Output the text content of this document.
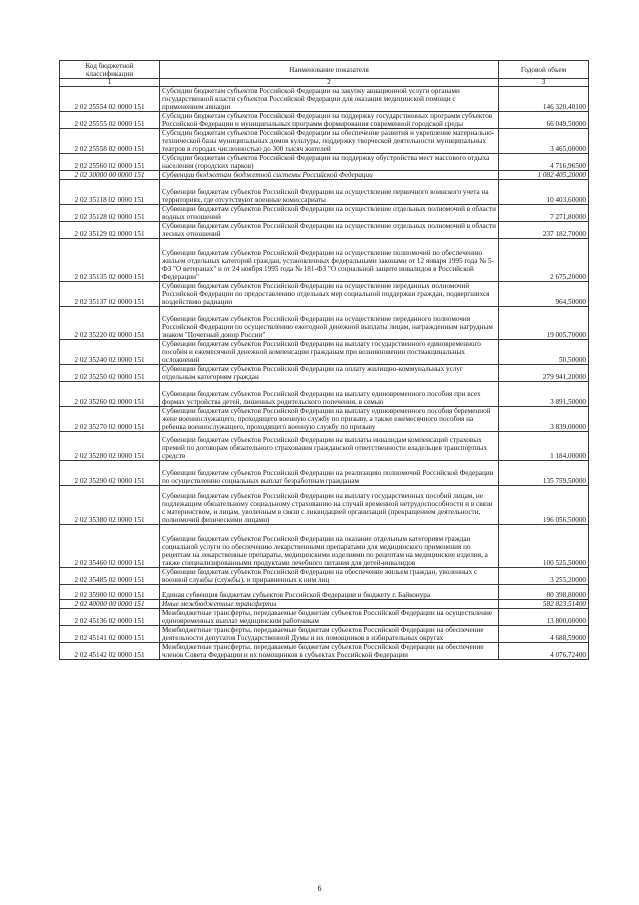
Код бюджетной классификации	Наименование показателя	Годовой объем
1	2	3
2 02 25554 02 0000 151	Субсидии бюджетам субъектов Российской Федерации на закупку авиационной услуги органами государственной власти субъектов Российской Федерации для оказания медицинской помощи с применением авиации	146 320,40100
2 02 25555 02 0000 151	Субсидии бюджетам субъектов Российской Федерации на поддержку государственных программ субъектов Российской Федерации и муниципальных программ формирования современной городской среды	66 049,50000
2 02 25558 02 0000 151	Субсидии бюджетам субъектов Российской Федерации на обеспечение развития и укрепление материально-технической базы муниципальных домов культуры, поддержку творческой деятельности муниципальных театров в городах численностью до 300 тысяч жителей	3 465,00000
2 02 25560 02 0000 151	Субсидии бюджетам субъектов Российской Федерации на поддержку обустройства мест массового отдыха населения (городских парков)	4 716,96500
2 02 30000 00 0000 151	Субвенции бюджетам бюджетной системы Российской Федерации	1 082 405,20000
2 02 35118 02 0000 151	Субвенции бюджетам субъектов Российской Федерации на осуществление первичного воинского учета на территориях, где отсутствуют военные комиссариаты	10 403,60000
2 02 35128 02 0000 151	Субвенции бюджетам субъектов Российской Федерации на осуществление отдельных полномочий в области водных отношений	7 271,80000
2 02 35129 02 0000 151	Субвенции бюджетам субъектов Российской Федерации на осуществление отдельных полномочий в области лесных отношений	237 182,70000
2 02 35135 02 0000 151	Субвенции бюджетам субъектов Российской Федерации на осуществление полномочий по обеспечению жильем отдельных категорий граждан, установленных федеральными законами от 12 января 1995 года № 5-ФЗ "О ветеранах" и от 24 ноября 1995 года № 181-ФЗ "О социальной защите инвалидов в Российской Федерации"	2 675,20000
2 02 35137 02 0000 151	Субвенции бюджетам субъектов Российской Федерации на осуществление переданных полномочий Российской Федерации по предоставлению отдельных мер социальной поддержки граждан, подвергшихся воздействию радиации	964,50000
2 02 35220 02 0000 151	Субвенции бюджетам субъектов Российской Федерации на осуществление переданного полномочия Российской Федерации по осуществлению ежегодной денежной выплаты лицам, награжденным нагрудным знаком "Почетный донор России"	19 005,70000
2 02 35240 02 0000 151	Субвенции бюджетам субъектов Российской Федерации на выплату государственного единовременного пособия и ежемесячной денежной компенсации гражданам при возникновении поствакцинальных осложнений	50,50000
2 02 35250 02 0000 151	Субвенции бюджетам субъектов Российской Федерации на оплату жилищно-коммунальных услуг отдельным категориям граждан	279 941,20000
2 02 35260 02 0000 151	Субвенции бюджетам субъектов Российской Федерации на выплату единовременного пособия при всех формах устройства детей, лишенных родительского попечения, в семью	3 891,50000
2 02 35270 02 0000 151	Субвенции бюджетам субъектов Российской Федерации на выплату единовременного пособия беременной жене военнослужащего, проходящего военную службу по призыву, а также ежемесячного пособия на ребенка военнослужащего, проходящего военную службу по призыву	3 839,00000
2 02 35280 02 0000 151	Субвенции бюджетам субъектов Российской Федерации на выплаты инвалидам компенсаций страховых премий по договорам обязательного страхования гражданской ответственности владельцев транспортных средств	1 184,00000
2 02 35290 02 0000 151	Субвенции бюджетам субъектов Российской Федерации на реализацию полномочий Российской Федерации по осуществлению социальных выплат безработным гражданам	135 759,50000
2 02 35380 02 0000 151	Субвенции бюджетам субъектов Российской Федерации на выплату государственных пособий лицам, не подлежащим обязательному социальному страхованию на случай временной нетрудоспособности и в связи с материнством, и лицам, уволенным в связи с ликвидацией организаций (прекращением деятельности, полномочий физическими лицами)	196 056,50000
2 02 35460 02 0000 151	Субвенции бюджетам субъектов Российской Федерации на оказание отдельным категориям граждан социальной услуги по обеспечению лекарственными препаратами для медицинского применения по рецептам на лекарственные препараты, медицинскими изделиями по рецептам на медицинские изделия, а также специализированными продуктами лечебного питания для детей-инвалидов	100 525,50000
2 02 35485 02 0000 151	Субвенции бюджетам субъектов Российской Федерации на обеспечение жильем граждан, уволенных с военной службы (службы), и приравненных к ним лиц	3 255,20000
2 02 35900 02 0000 151	Единая субвенция бюджетам субъектов Российской Федерации и бюджету г. Байконура	80 398,80000
2 02 40000 00 0000 151	Иные межбюджетные трансферты	582 823,51400
2 02 45136 02 0000 151	Межбюджетные трансферты, передаваемые бюджетам субъектов Российской Федерации на осуществление единовременных выплат медицинским работникам	13 800,00000
2 02 45141 02 0000 151	Межбюджетные трансферты, передаваемые бюджетам субъектов Российской Федерации на обеспечение деятельности депутатов Государственной Думы и их помощников в избирательных округах	4 688,59000
2 02 45142 02 0000 151	Межбюджетные трансферты, передаваемые бюджетам субъектов Российской Федерации на обеспечение членов Совета Федерации и их помощников в субъектах Российской Федерации	4 076,72400
6
